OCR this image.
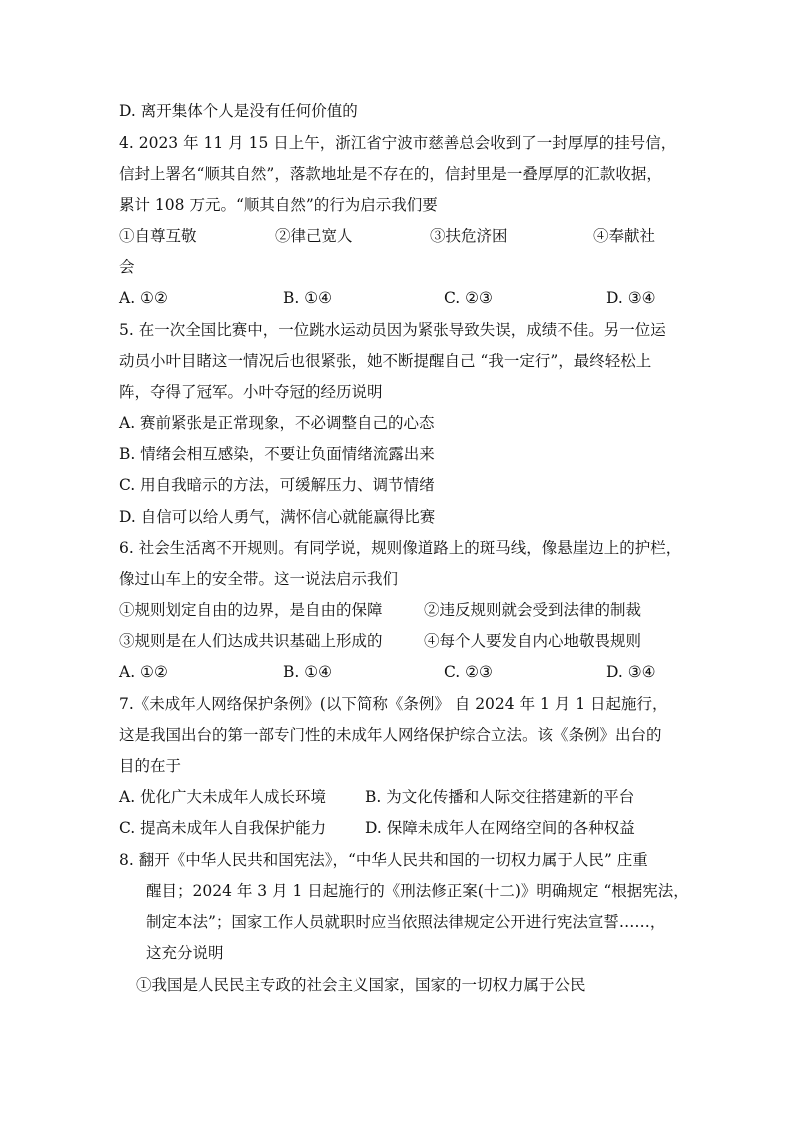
D. 离开集体个人是没有任何价值的
4. 2023 年 11 月 15 日上午，浙江省宁波市慈善总会收到了一封厚厚的挂号信，
信封上署名“顺其自然”，落款地址是不存在的，信封里是一叠厚厚的汇款收据，
累计 108 万元。“顺其自然”的行为启示我们要
①自尊互敬	②律己宽人	③扶危济困	④奉献社
会
A. ①②	B. ①④	C. ②③	D. ③④
5. 在一次全国比赛中，一位跳水运动员因为紧张导致失误，成绩不佳。另一位运
动员小叶目睹这一情况后也很紧张，她不断提醒自己 “我一定行”，最终轻松上
阵，夺得了冠军。小叶夺冠的经历说明
A. 赛前紧张是正常现象，不必调整自己的心态
B. 情绪会相互感染，不要让负面情绪流露出来
C. 用自我暗示的方法，可缓解压力、调节情绪
D. 自信可以给人勇气，满怀信心就能赢得比赛
6. 社会生活离不开规则。有同学说，规则像道路上的斑马线，像悬崖边上的护栏，
像过山车上的安全带。这一说法启示我们
①规则划定自由的边界，是自由的保障	②违反规则就会受到法律的制裁
③规则是在人们达成共识基础上形成的	④每个人要发自内心地敬畏规则
A. ①②	B. ①④	C. ②③	D. ③④
7.《未成年人网络保护条例》(以下简称《条例》 自 2024 年 1 月 1 日起施行，
这是我国出台的第一部专门性的未成年人网络保护综合立法。该《条例》出台的
目的在于
A. 优化广大未成年人成长环境	B. 为文化传播和人际交往搭建新的平台
C. 提高未成年人自我保护能力	D. 保障未成年人在网络空间的各种权益
8. 翻开《中华人民共和国宪法》，“中华人民共和国的一切权力属于人民” 庄重
醒目；2024 年 3 月 1 日起施行的《刑法修正案(十二)》明确规定 “根据宪法，
制定本法”；国家工作人员就职时应当依照法律规定公开进行宪法宣誓……，
这充分说明
①我国是人民民主专政的社会主义国家，国家的一切权力属于公民
